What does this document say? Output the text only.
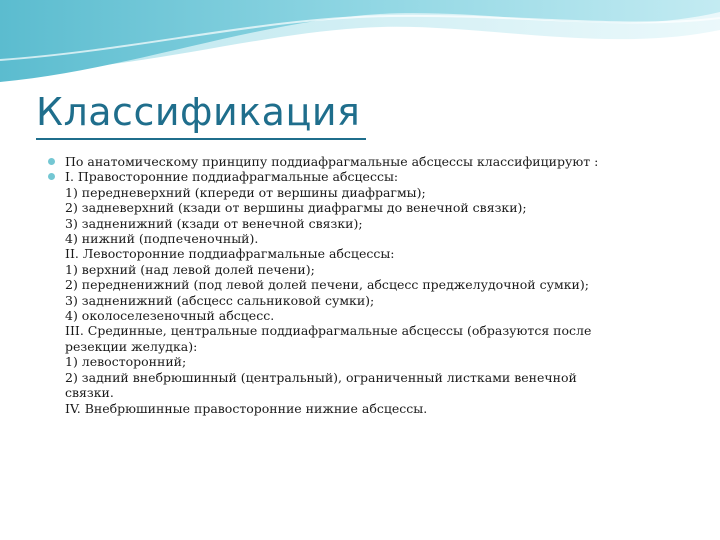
Классификация
По анатомическому принципу поддиафрагмальные абсцессы классифицируют :
I. Правосторонние поддиафрагмальные абсцессы:
1) передневерхний (кпереди от вершины диафрагмы);
2) задневерхний (кзади от вершины диафрагмы до венечной связки);
3) задненижний (кзади от венечной связки);
4) нижний (подпеченочный).
II. Левосторонние поддиафрагмальные абсцессы:
1) верхний (над левой долей печени);
2) передненижний (под левой долей печени, абсцесс преджелудочной сумки);
3) задненижний (абсцесс сальниковой сумки);
4) околоселезеночный абсцесс.
III. Срединные, центральные поддиафрагмальные абсцессы (образуются после
резекции желудка):
1) левосторонний;
2) задний внебрюшинный (центральный), ограниченный листками венечной
связки.
IV. Внебрюшинные правосторонние нижние абсцессы.
